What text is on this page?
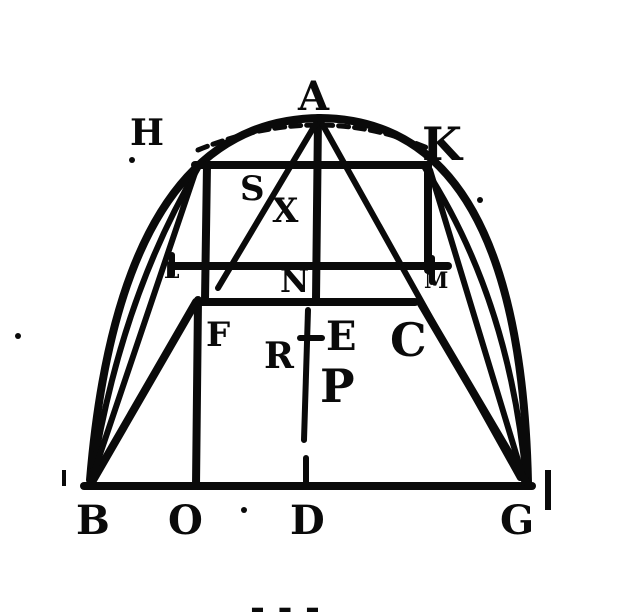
A
H	K
S
X
N
L	M
F R E C
P
B O D	G
- - -
